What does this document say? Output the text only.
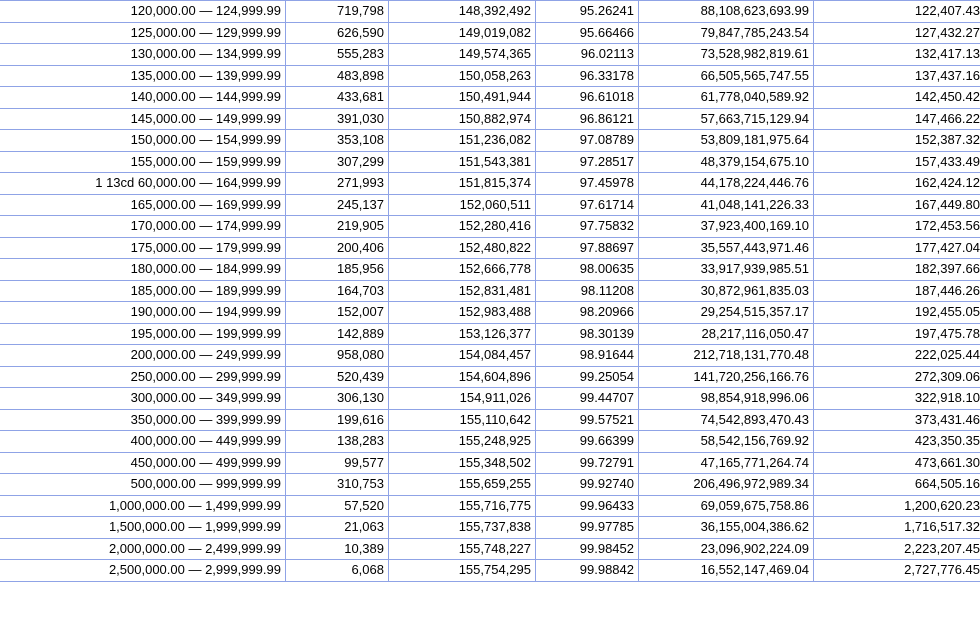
120,000.00 — 124,999.99	719,798	148,392,492	95.26241	88,108,623,693.99	122,407.43
125,000.00 — 129,999.99	626,590	149,019,082	95.66466	79,847,785,243.54	127,432.27
130,000.00 — 134,999.99	555,283	149,574,365	96.02113	73,528,982,819.61	132,417.13
135,000.00 — 139,999.99	483,898	150,058,263	96.33178	66,505,565,747.55	137,437.16
140,000.00 — 144,999.99	433,681	150,491,944	96.61018	61,778,040,589.92	142,450.42
145,000.00 — 149,999.99	391,030	150,882,974	96.86121	57,663,715,129.94	147,466.22
150,000.00 — 154,999.99	353,108	151,236,082	97.08789	53,809,181,975.64	152,387.32
155,000.00 — 159,999.99	307,299	151,543,381	97.28517	48,379,154,675.10	157,433.49
1 13cd 60,000.00 — 164,999.99	271,993	151,815,374	97.45978	44,178,224,446.76	162,424.12
165,000.00 — 169,999.99	245,137	152,060,511	97.61714	41,048,141,226.33	167,449.80
170,000.00 — 174,999.99	219,905	152,280,416	97.75832	37,923,400,169.10	172,453.56
175,000.00 — 179,999.99	200,406	152,480,822	97.88697	35,557,443,971.46	177,427.04
180,000.00 — 184,999.99	185,956	152,666,778	98.00635	33,917,939,985.51	182,397.66
185,000.00 — 189,999.99	164,703	152,831,481	98.11208	30,872,961,835.03	187,446.26
190,000.00 — 194,999.99	152,007	152,983,488	98.20966	29,254,515,357.17	192,455.05
195,000.00 — 199,999.99	142,889	153,126,377	98.30139	28,217,116,050.47	197,475.78
200,000.00 — 249,999.99	958,080	154,084,457	98.91644	212,718,131,770.48	222,025.44
250,000.00 — 299,999.99	520,439	154,604,896	99.25054	141,720,256,166.76	272,309.06
300,000.00 — 349,999.99	306,130	154,911,026	99.44707	98,854,918,996.06	322,918.10
350,000.00 — 399,999.99	199,616	155,110,642	99.57521	74,542,893,470.43	373,431.46
400,000.00 — 449,999.99	138,283	155,248,925	99.66399	58,542,156,769.92	423,350.35
450,000.00 — 499,999.99	99,577	155,348,502	99.72791	47,165,771,264.74	473,661.30
500,000.00 — 999,999.99	310,753	155,659,255	99.92740	206,496,972,989.34	664,505.16
1,000,000.00 — 1,499,999.99	57,520	155,716,775	99.96433	69,059,675,758.86	1,200,620.23
1,500,000.00 — 1,999,999.99	21,063	155,737,838	99.97785	36,155,004,386.62	1,716,517.32
2,000,000.00 — 2,499,999.99	10,389	155,748,227	99.98452	23,096,902,224.09	2,223,207.45
2,500,000.00 — 2,999,999.99	6,068	155,754,295	99.98842	16,552,147,469.04	2,727,776.45
